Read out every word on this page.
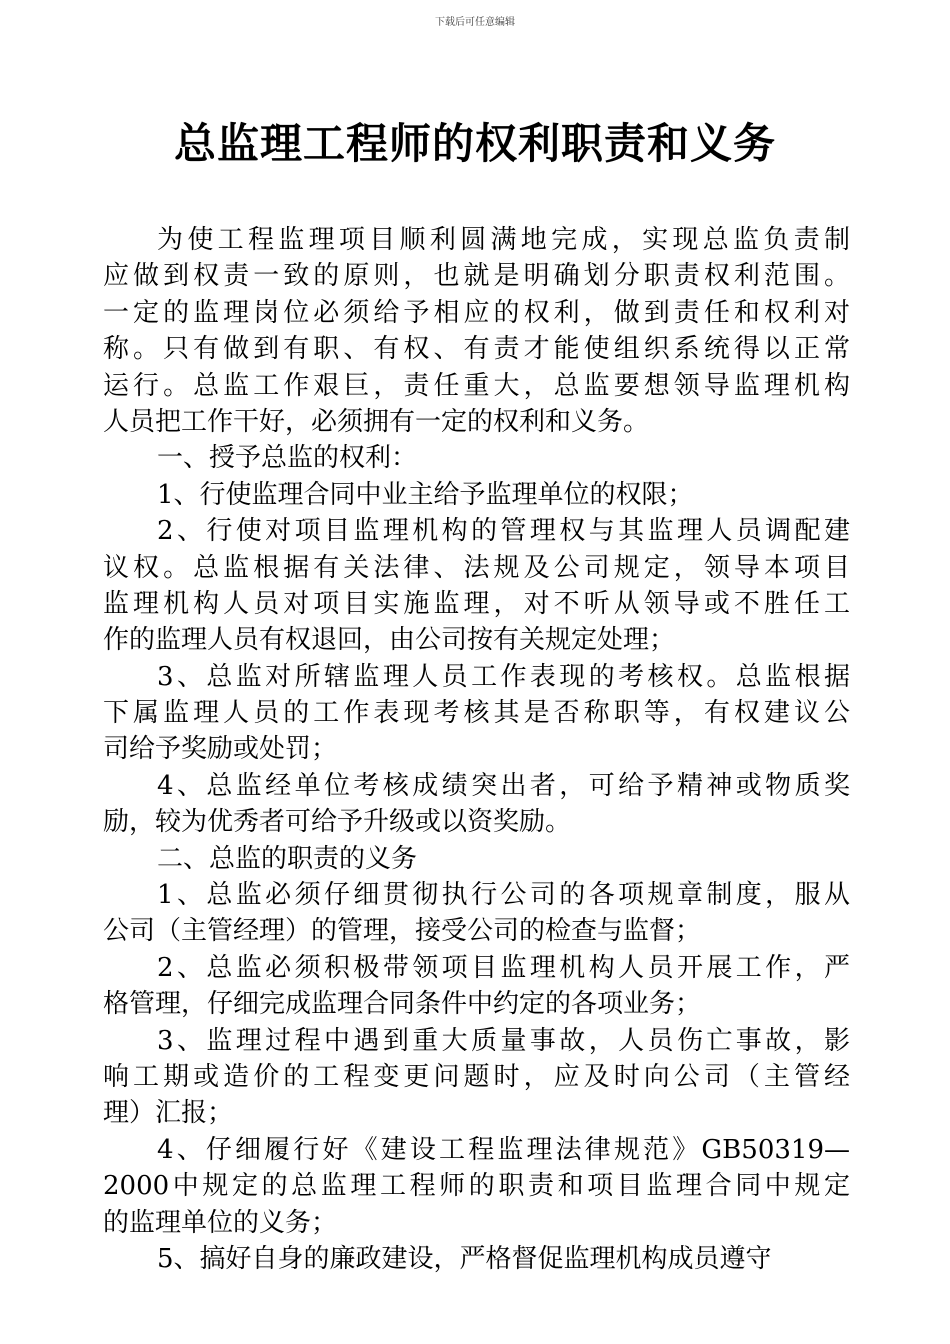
下载后可任意编辑
总监理工程师的权利职责和义务
为使工程监理项目顺利圆满地完成，实现总监负责制
应做到权责一致的原则，也就是明确划分职责权利范围。
一定的监理岗位必须给予相应的权利，做到责任和权利对
称。只有做到有职、有权、有责才能使组织系统得以正常
运行。总监工作艰巨，责任重大，总监要想领导监理机构
人员把工作干好，必须拥有一定的权利和义务。
一、授予总监的权利：
1、行使监理合同中业主给予监理单位的权限；
2、行使对项目监理机构的管理权与其监理人员调配建
议权。总监根据有关法律、法规及公司规定，领导本项目
监理机构人员对项目实施监理，对不听从领导或不胜任工
作的监理人员有权退回，由公司按有关规定处理；
3、总监对所辖监理人员工作表现的考核权。总监根据
下属监理人员的工作表现考核其是否称职等，有权建议公
司给予奖励或处罚；
4、总监经单位考核成绩突出者，可给予精神或物质奖
励，较为优秀者可给予升级或以资奖励。
二、总监的职责的义务
1、总监必须仔细贯彻执行公司的各项规章制度，服从
公司（主管经理）的管理，接受公司的检查与监督；
2、总监必须积极带领项目监理机构人员开展工作，严
格管理，仔细完成监理合同条件中约定的各项业务；
3、监理过程中遇到重大质量事故，人员伤亡事故，影
响工期或造价的工程变更问题时，应及时向公司（主管经
理）汇报；
4、仔细履行好《建设工程监理法律规范》GB50319—
2000中规定的总监理工程师的职责和项目监理合同中规定
的监理单位的义务；
5、搞好自身的廉政建设，严格督促监理机构成员遵守
